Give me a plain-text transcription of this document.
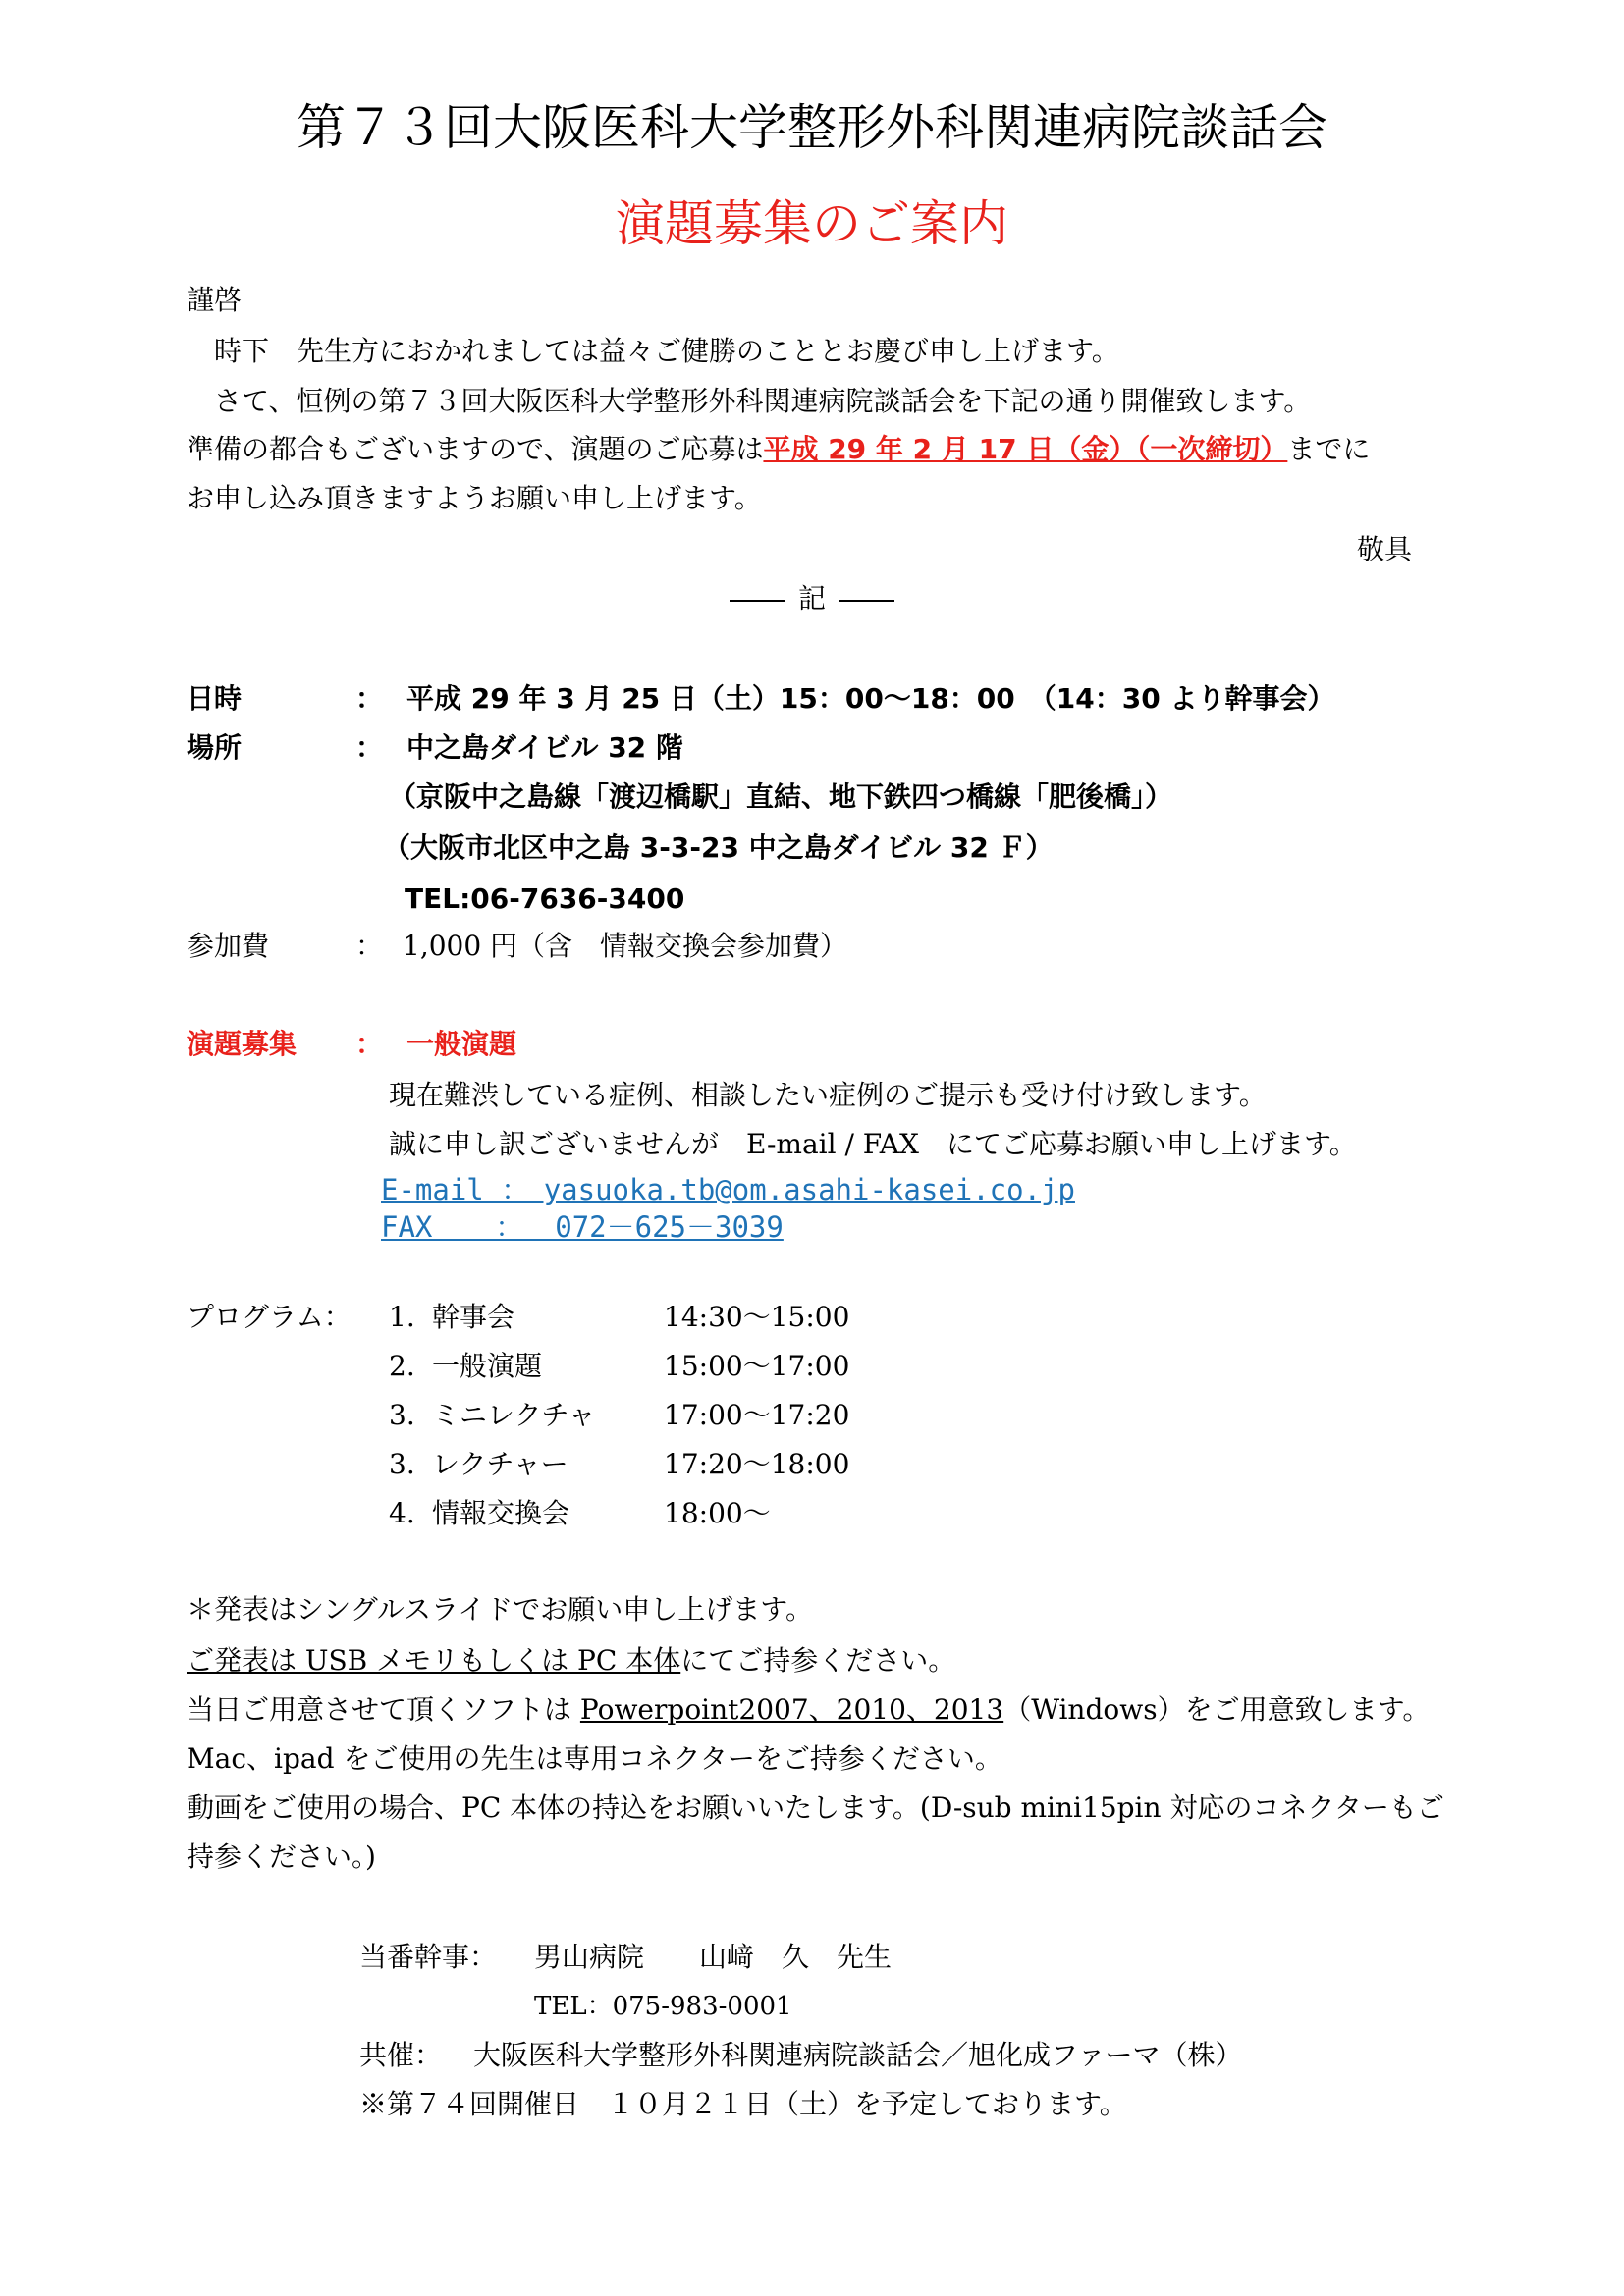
第７３回大阪医科大学整形外科関連病院談話会
演題募集のご案内
謹啓
時下　先生方におかれましては益々ご健勝のこととお慶び申し上げます。
さて、恒例の第７３回大阪医科大学整形外科関連病院談話会を下記の通り開催致します。
準備の都合もございますので、演題のご応募は平成 29 年 2 月 17 日（金）（一次締切）までに
お申し込み頂きますようお願い申し上げます。
敬具
記
日時	： 平成 29 年 3 月 25 日（土）15：00〜18：00　（14：30 より幹事会）
場所	： 中之島ダイビル 32 階
（京阪中之島線「渡辺橋駅」直結、地下鉄四つ橋線「肥後橋」）
（大阪市北区中之島 3-3-23 中之島ダイビル 32 Ｆ）
TEL:06-7636-3400
参加費	： 1,000 円（含　情報交換会参加費）
演題募集 ： 一般演題
現在難渋している症例、相談したい症例のご提示も受け付け致します。
誠に申し訳ございませんが　E-mail / FAX　にてご応募お願い申し上げます。
E-mail ：　yasuoka.tb@om.asahi-kasei.co.jp
FAX 　 ：　 072－625－3039
プログラム： 1. 幹事会	14:30〜15:00
2. 一般演題	15:00〜17:00
3. ミニレクチャ 17:00〜17:20
3. レクチャー	17:20〜18:00
4. 情報交換会	18:00〜
＊発表はシングルスライドでお願い申し上げます。
ご発表は USB メモリもしくは PC 本体にてご持参ください。
当日ご用意させて頂くソフトは Powerpoint2007、2010、2013（Windows）をご用意致します。
Mac、ipad をご使用の先生は専用コネクターをご持参ください。
動画をご使用の場合、PC 本体の持込をお願いいたします。(D-sub mini15pin 対応のコネクターもご
持参ください。)
当番幹事： 男山病院　　山﨑　久　先生
TEL：075-983-0001
共催： 大阪医科大学整形外科関連病院談話会／旭化成ファーマ（株）
※第７４回開催日　１０月２１日（土）を予定しております。
